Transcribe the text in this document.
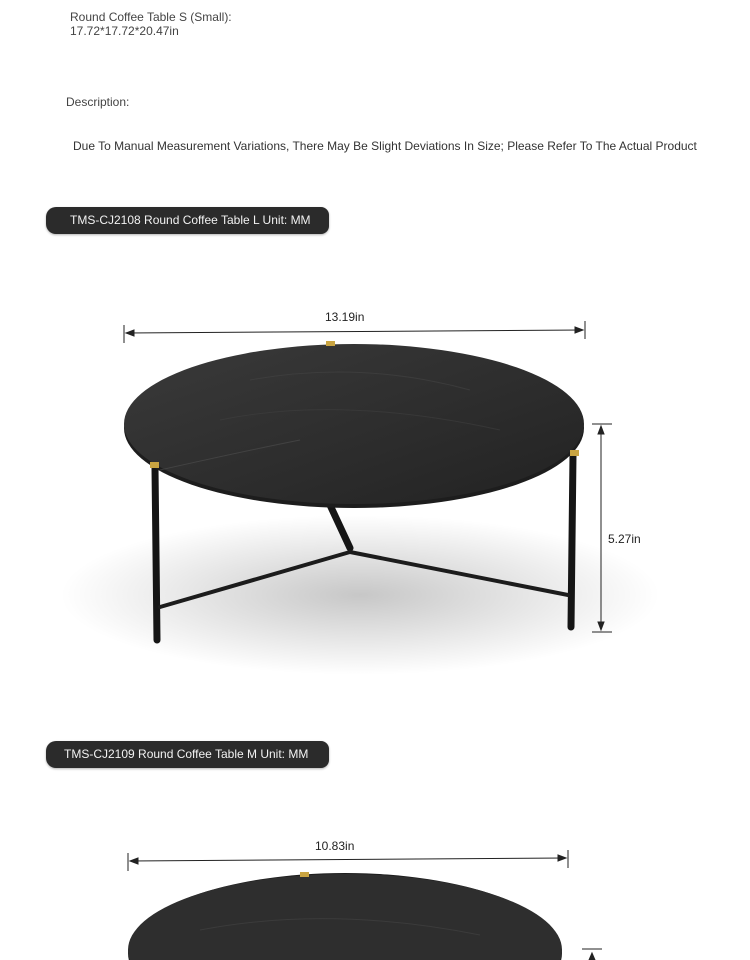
Round Coffee Table S (Small):
17.72*17.72*20.47in
Description:
Due To Manual Measurement Variations, There May Be Slight Deviations In Size; Please Refer To The Actual Product
TMS-CJ2108 Round Coffee Table L Unit: MM
13.19in
5.27in
TMS-CJ2109 Round Coffee Table M Unit: MM
10.83in
